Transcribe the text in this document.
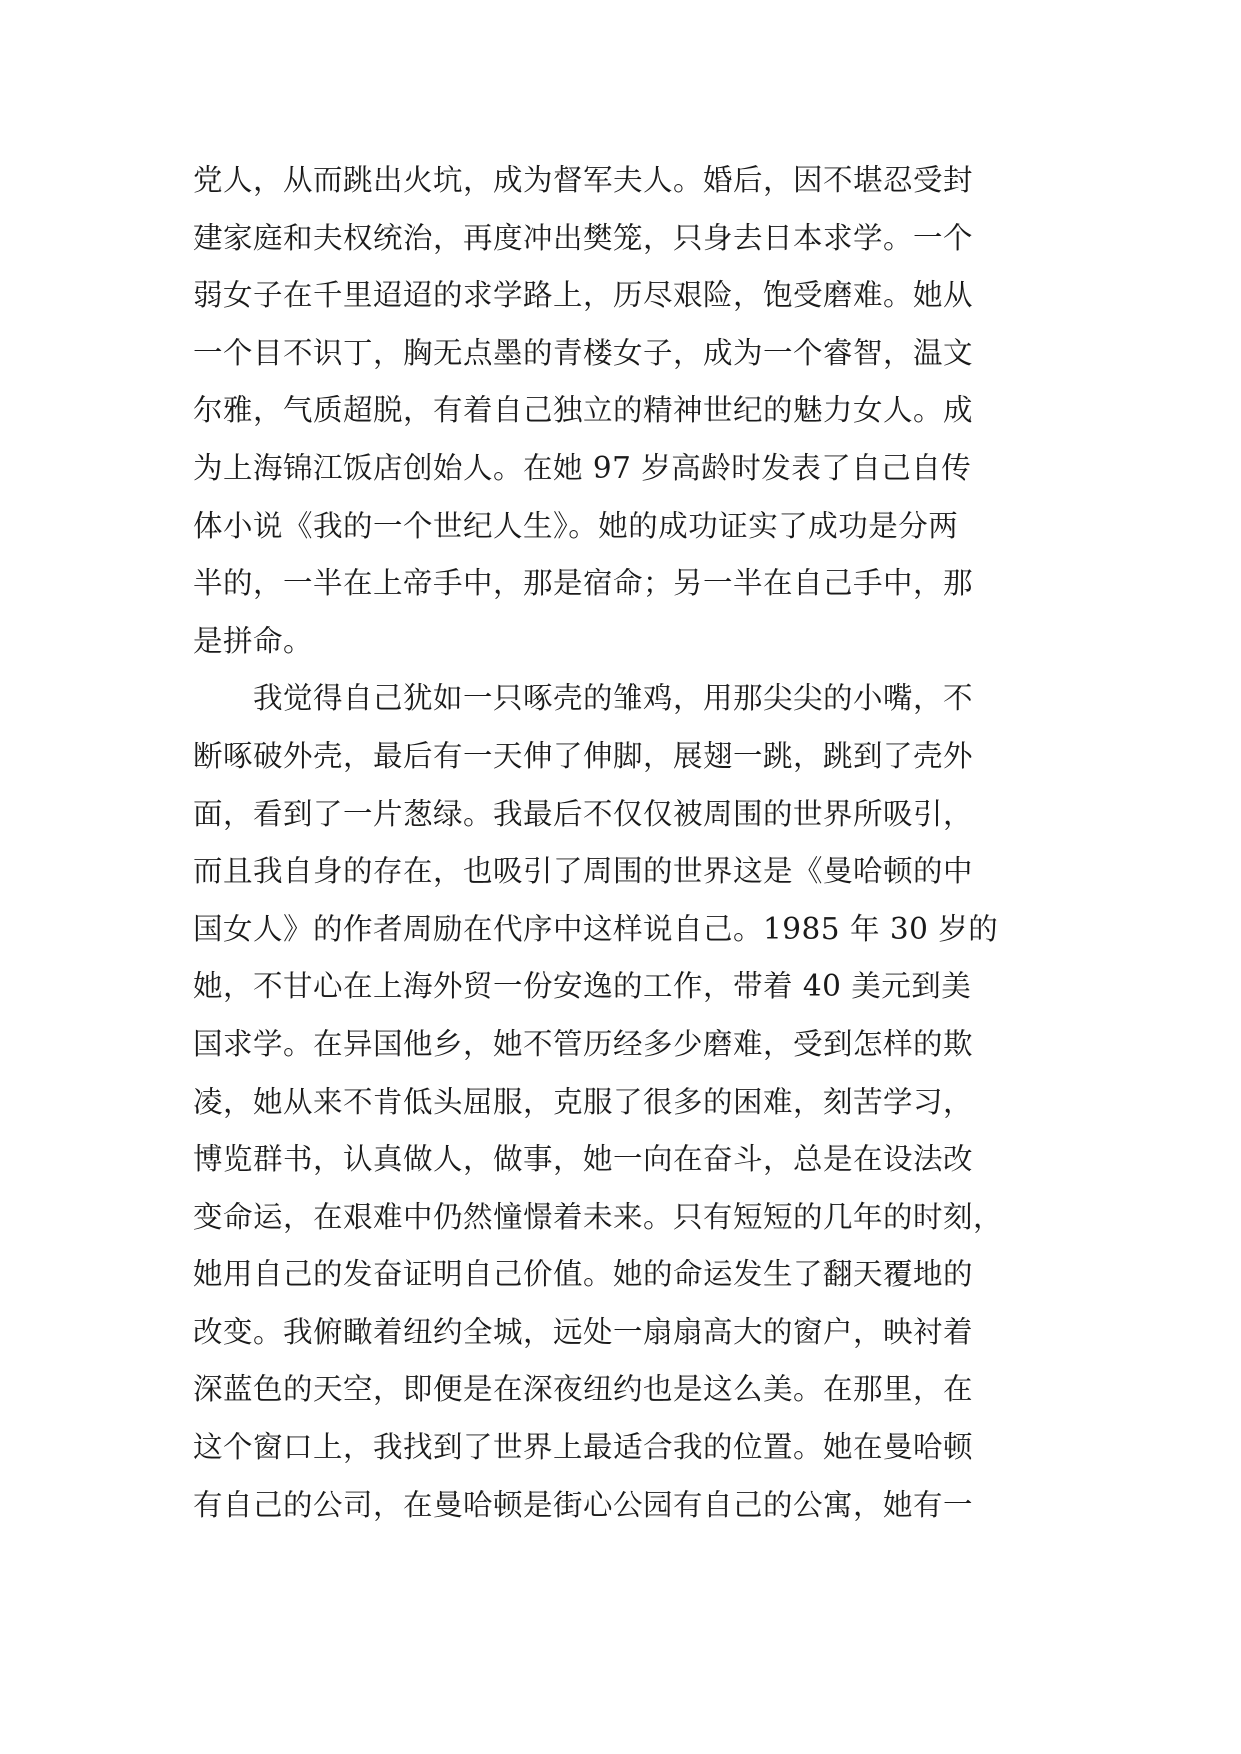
党人，从而跳出火坑，成为督军夫人。婚后，因不堪忍受封
建家庭和夫权统治，再度冲出樊笼，只身去日本求学。一个
弱女子在千里迢迢的求学路上，历尽艰险，饱受磨难。她从
一个目不识丁，胸无点墨的青楼女子，成为一个睿智，温文
尔雅，气质超脱，有着自己独立的精神世纪的魅力女人。成
为上海锦江饭店创始人。在她 97 岁高龄时发表了自己自传
体小说《我的一个世纪人生》。她的成功证实了成功是分两
半的，一半在上帝手中，那是宿命；另一半在自己手中，那
是拼命。
　　我觉得自己犹如一只啄壳的雏鸡，用那尖尖的小嘴，不
断啄破外壳，最后有一天伸了伸脚，展翅一跳，跳到了壳外
面，看到了一片葱绿。我最后不仅仅被周围的世界所吸引，
而且我自身的存在，也吸引了周围的世界这是《曼哈顿的中
国女人》的作者周励在代序中这样说自己。1985 年 30 岁的
她，不甘心在上海外贸一份安逸的工作，带着 40 美元到美
国求学。在异国他乡，她不管历经多少磨难，受到怎样的欺
凌，她从来不肯低头屈服，克服了很多的困难，刻苦学习，
博览群书，认真做人，做事，她一向在奋斗，总是在设法改
变命运，在艰难中仍然憧憬着未来。只有短短的几年的时刻，
她用自己的发奋证明自己价值。她的命运发生了翻天覆地的
改变。我俯瞰着纽约全城，远处一扇扇高大的窗户，映衬着
深蓝色的天空，即便是在深夜纽约也是这么美。在那里，在
这个窗口上，我找到了世界上最适合我的位置。她在曼哈顿
有自己的公司，在曼哈顿是街心公园有自己的公寓，她有一
